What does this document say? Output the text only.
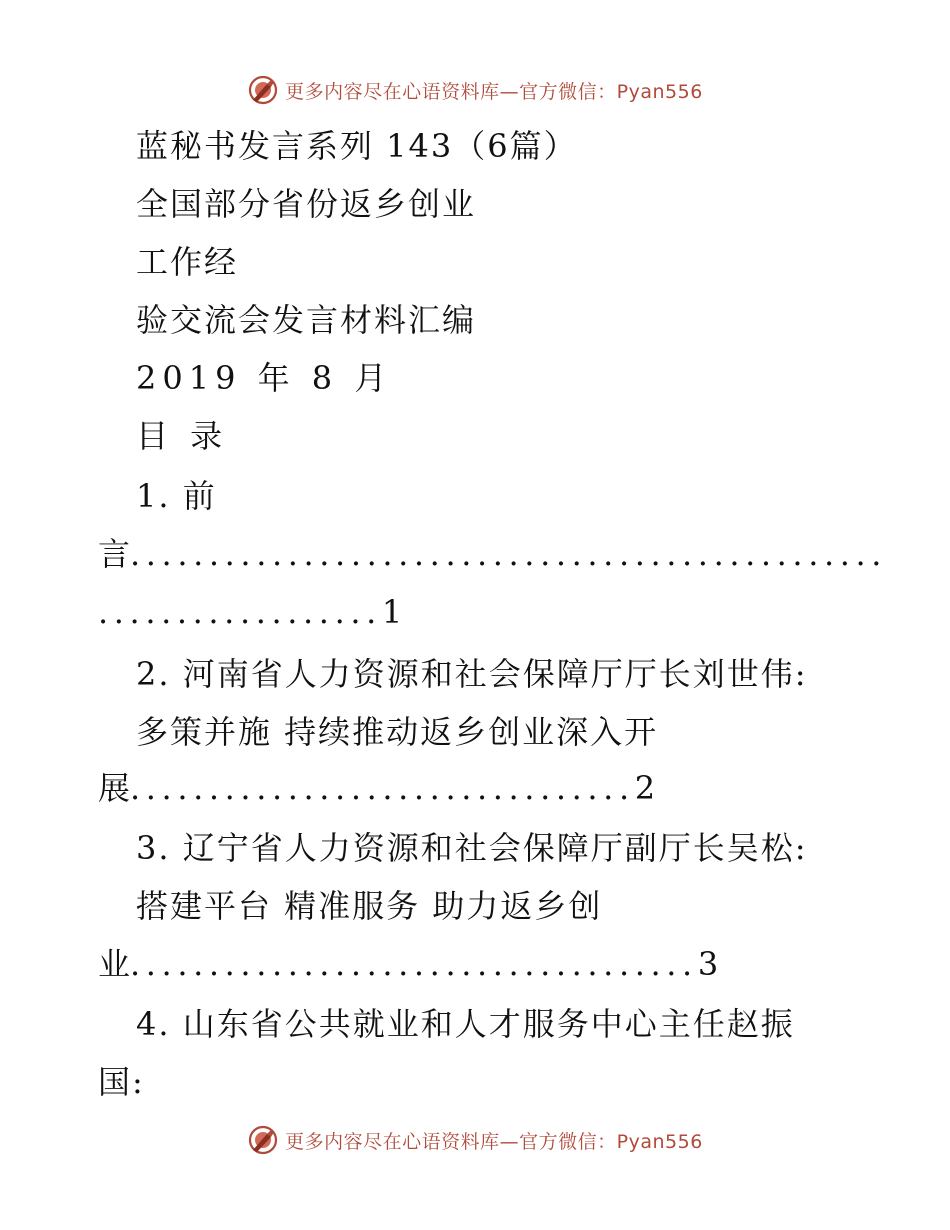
更多内容尽在心语资料库—官方微信：Pyan556
蓝秘书发言系列 143（6篇）
全国部分省份返乡创业
工作经
验交流会发言材料汇编
2019 年 8 月
目 录
1. 前
言................................................
..................1
2. 河南省人力资源和社会保障厅厅长刘世伟:
多策并施 持续推动返乡创业深入开
展................................2
3. 辽宁省人力资源和社会保障厅副厅长吴松:
搭建平台 精准服务 助力返乡创
业....................................3
4. 山东省公共就业和人才服务中心主任赵振
国:
更多内容尽在心语资料库—官方微信：Pyan556
